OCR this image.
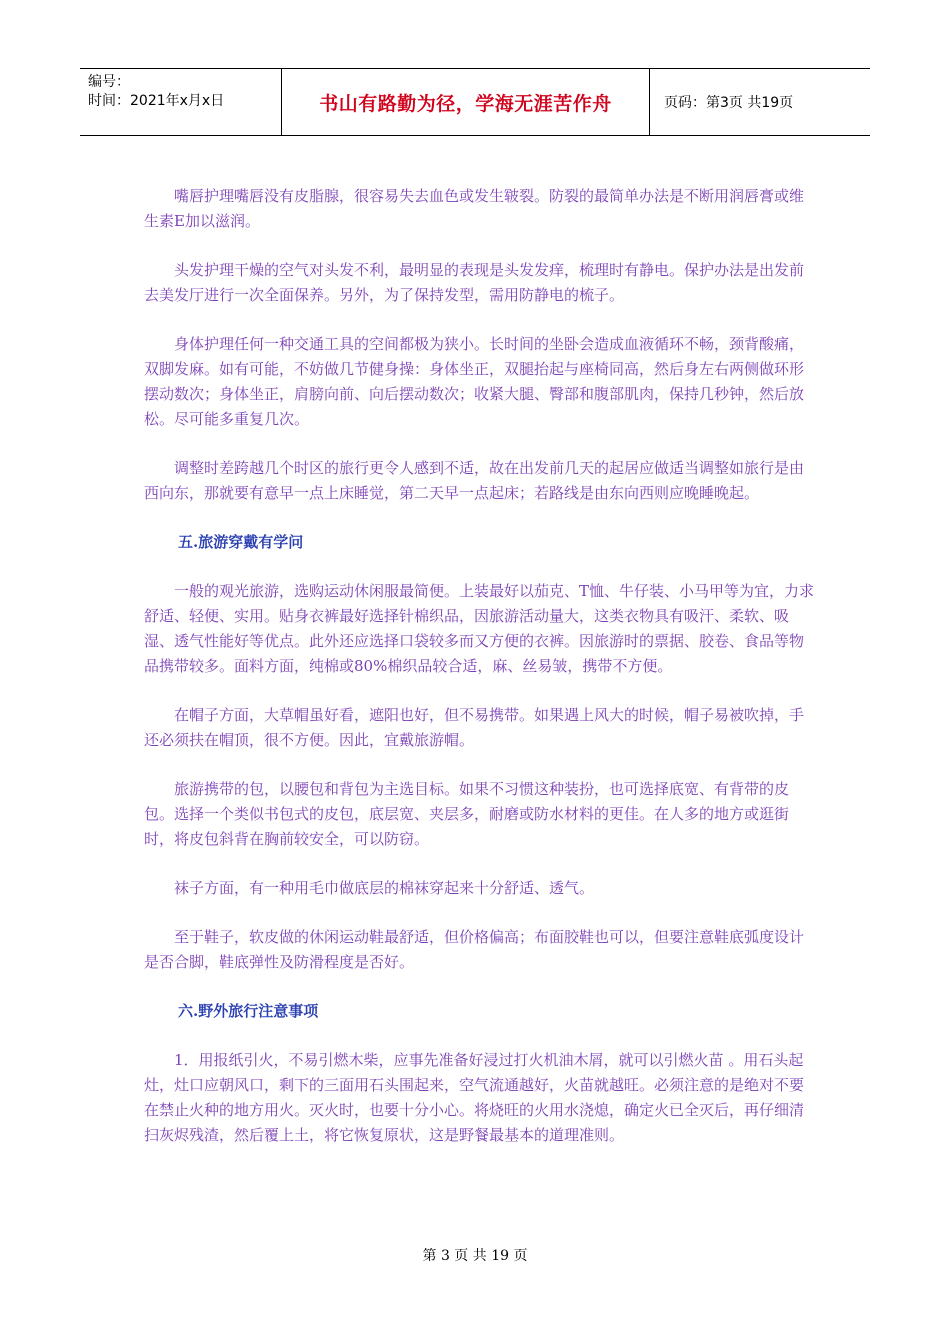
编号：
时间：2021年x月x日	书山有路勤为径，学海无涯苦作舟	页码：第3页 共19页

嘴唇护理嘴唇没有皮脂腺，很容易失去血色或发生皲裂。防裂的最简单办法是不断用润唇膏或维生素E加以滋润。

头发护理干燥的空气对头发不利，最明显的表现是头发发痒，梳理时有静电。保护办法是出发前去美发厅进行一次全面保养。另外，为了保持发型，需用防静电的梳子。

身体护理任何一种交通工具的空间都极为狭小。长时间的坐卧会造成血液循环不畅，颈背酸痛，双脚发麻。如有可能，不妨做几节健身操：身体坐正，双腿抬起与座椅同高，然后身左右两侧做环形摆动数次；身体坐正，肩膀向前、向后摆动数次；收紧大腿、臀部和腹部肌肉，保持几秒钟，然后放松。尽可能多重复几次。

调整时差跨越几个时区的旅行更令人感到不适，故在出发前几天的起居应做适当调整如旅行是由西向东，那就要有意早一点上床睡觉，第二天早一点起床；若路线是由东向西则应晚睡晚起。

五.旅游穿戴有学问

一般的观光旅游，选购运动休闲服最简便。上装最好以茄克、T恤、牛仔装、小马甲等为宜，力求舒适、轻便、实用。贴身衣裤最好选择针棉织品，因旅游活动量大，这类衣物具有吸汗、柔软、吸湿、透气性能好等优点。此外还应选择口袋较多而又方便的衣裤。因旅游时的票据、胶卷、食品等物品携带较多。面料方面，纯棉或80%棉织品较合适，麻、丝易皱，携带不方便。

在帽子方面，大草帽虽好看，遮阳也好，但不易携带。如果遇上风大的时候，帽子易被吹掉，手还必须扶在帽顶，很不方便。因此，宜戴旅游帽。

旅游携带的包，以腰包和背包为主选目标。如果不习惯这种装扮，也可选择底宽、有背带的皮包。选择一个类似书包式的皮包，底层宽、夹层多，耐磨或防水材料的更佳。在人多的地方或逛街时，将皮包斜背在胸前较安全，可以防窃。

袜子方面，有一种用毛巾做底层的棉袜穿起来十分舒适、透气。

至于鞋子，软皮做的休闲运动鞋最舒适，但价格偏高；布面胶鞋也可以，但要注意鞋底弧度设计是否合脚，鞋底弹性及防滑程度是否好。

六.野外旅行注意事项

1．用报纸引火，不易引燃木柴，应事先准备好浸过打火机油木屑，就可以引燃火苗 。用石头起灶，灶口应朝风口，剩下的三面用石头围起来，空气流通越好，火苗就越旺。必须注意的是绝对不要在禁止火种的地方用火。灭火时，也要十分小心。将烧旺的火用水浇熄，确定火已全灭后，再仔细清扫灰烬残渣，然后覆上土，将它恢复原状，这是野餐最基本的道理准则。

第 3 页 共 19 页
